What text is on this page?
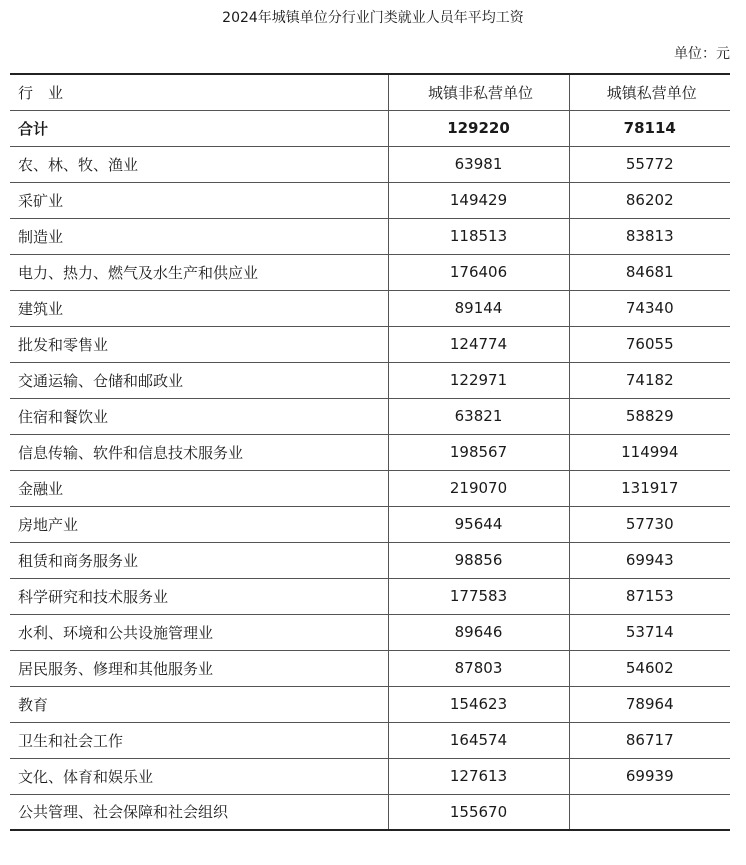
2024年城镇单位分行业门类就业人员年平均工资
单位：元
行　业	城镇非私营单位	城镇私营单位
合计	129220	78114
农、林、牧、渔业	63981	55772
采矿业	149429	86202
制造业	118513	83813
电力、热力、燃气及水生产和供应业	176406	84681
建筑业	89144	74340
批发和零售业	124774	76055
交通运输、仓储和邮政业	122971	74182
住宿和餐饮业	63821	58829
信息传输、软件和信息技术服务业	198567	114994
金融业	219070	131917
房地产业	95644	57730
租赁和商务服务业	98856	69943
科学研究和技术服务业	177583	87153
水利、环境和公共设施管理业	89646	53714
居民服务、修理和其他服务业	87803	54602
教育	154623	78964
卫生和社会工作	164574	86717
文化、体育和娱乐业	127613	69939
公共管理、社会保障和社会组织	155670	
